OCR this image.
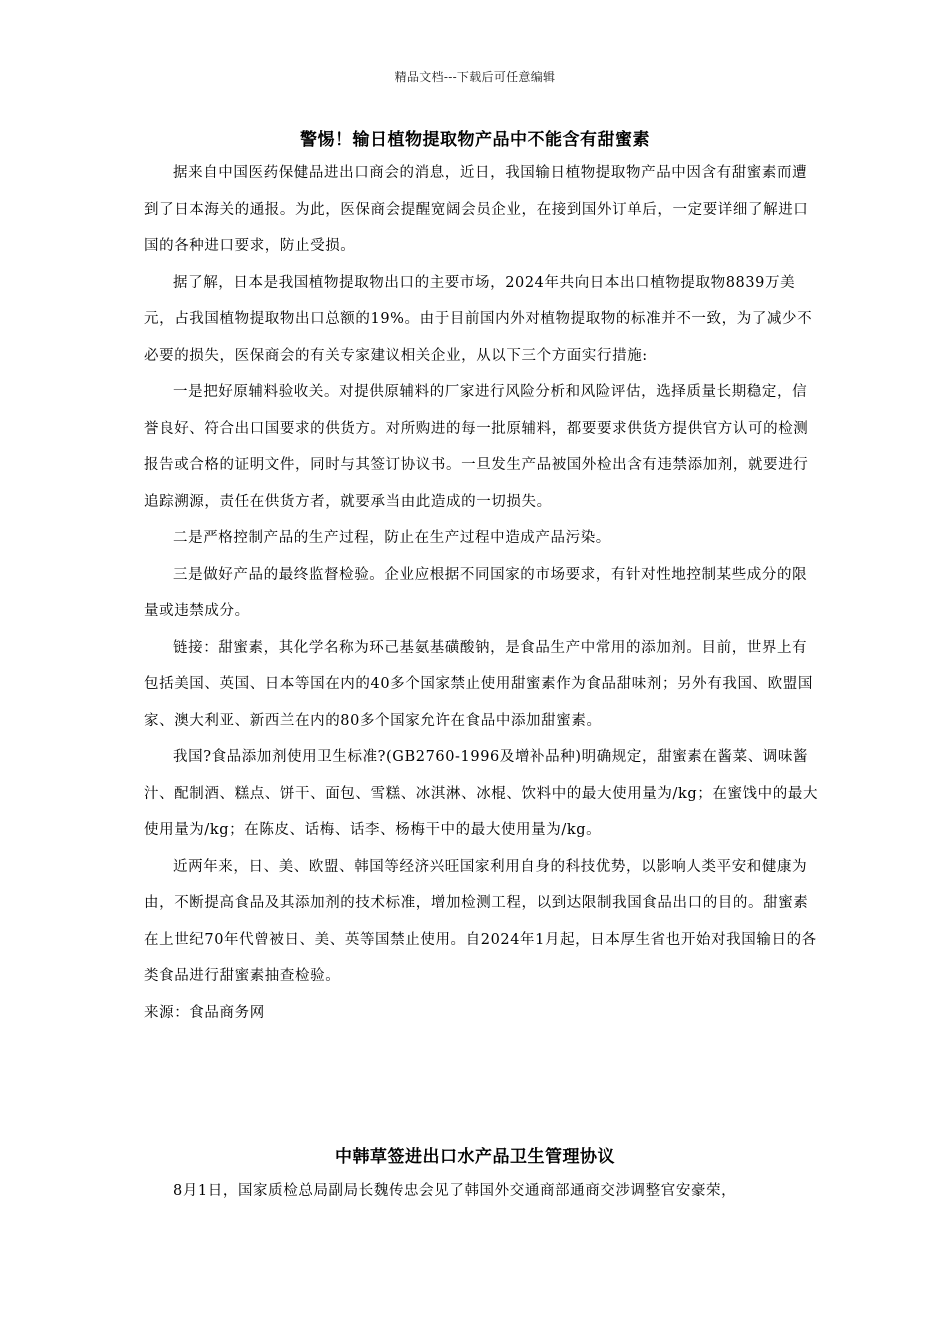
精品文档---下载后可任意编辑
警惕！输日植物提取物产品中不能含有甜蜜素

据来自中国医药保健品进出口商会的消息，近日，我国输日植物提取物产品中因含有甜蜜素而遭到了日本海关的通报。为此，医保商会提醒宽阔会员企业，在接到国外订单后，一定要详细了解进口国的各种进口要求，防止受损。

据了解，日本是我国植物提取物出口的主要市场，2024年共向日本出口植物提取物8839万美元，占我国植物提取物出口总额的19%。由于目前国内外对植物提取物的标准并不一致，为了减少不必要的损失，医保商会的有关专家建议相关企业，从以下三个方面实行措施:

一是把好原辅料验收关。对提供原辅料的厂家进行风险分析和风险评估，选择质量长期稳定，信誉良好、符合出口国要求的供货方。对所购进的每一批原辅料，都要要求供货方提供官方认可的检测报告或合格的证明文件，同时与其签订协议书。一旦发生产品被国外检出含有违禁添加剂，就要进行追踪溯源，责任在供货方者，就要承当由此造成的一切损失。

二是严格控制产品的生产过程，防止在生产过程中造成产品污染。

三是做好产品的最终监督检验。企业应根据不同国家的市场要求，有针对性地控制某些成分的限量或违禁成分。

链接：甜蜜素，其化学名称为环己基氨基磺酸钠，是食品生产中常用的添加剂。目前，世界上有包括美国、英国、日本等国在内的40多个国家禁止使用甜蜜素作为食品甜味剂；另外有我国、欧盟国家、澳大利亚、新西兰在内的80多个国家允许在食品中添加甜蜜素。

我国?食品添加剂使用卫生标准?(GB2760-1996及增补品种)明确规定，甜蜜素在酱菜、调味酱汁、配制酒、糕点、饼干、面包、雪糕、冰淇淋、冰棍、饮料中的最大使用量为/kg；在蜜饯中的最大使用量为/kg；在陈皮、话梅、话李、杨梅干中的最大使用量为/kg。

近两年来，日、美、欧盟、韩国等经济兴旺国家利用自身的科技优势，以影响人类平安和健康为由，不断提高食品及其添加剂的技术标准，增加检测工程，以到达限制我国食品出口的目的。甜蜜素在上世纪70年代曾被日、美、英等国禁止使用。自2024年1月起，日本厚生省也开始对我国输日的各类食品进行甜蜜素抽查检验。

来源：食品商务网

中韩草签进出口水产品卫生管理协议

8月1日，国家质检总局副局长魏传忠会见了韩国外交通商部通商交涉调整官安豪荣，
